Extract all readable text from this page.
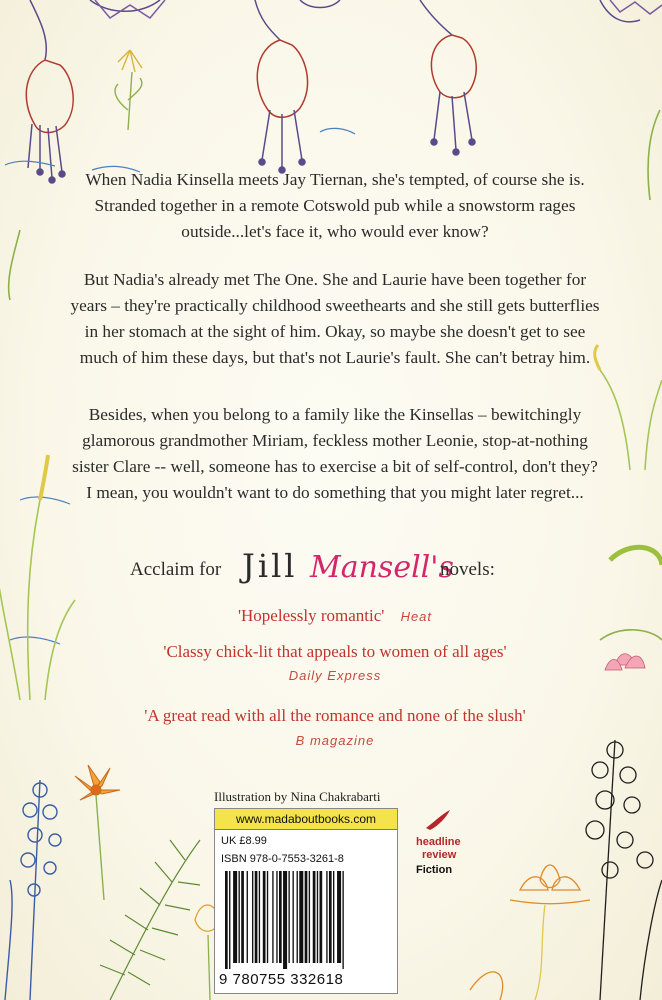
When Nadia Kinsella meets Jay Tiernan, she's tempted, of course she is. Stranded together in a remote Cotswold pub while a snowstorm rages outside...let's face it, who would ever know?

But Nadia's already met The One. She and Laurie have been together for years – they're practically childhood sweethearts and she still gets butterflies in her stomach at the sight of him. Okay, so maybe she doesn't get to see much of him these days, but that's not Laurie's fault. She can't betray him.

Besides, when you belong to a family like the Kinsellas – bewitchingly glamorous grandmother Miriam, feckless mother Leonie, stop-at-nothing sister Clare -- well, someone has to exercise a bit of self-control, don't they? I mean, you wouldn't want to do something that you might later regret...

Acclaim for Jill Mansell's
novels:
'Hopelessly romantic' Heat
'Classy chick-lit that appeals to women of all ages'
Daily Express
'A great read with all the romance and none of the slush'
B magazine
Illustration by Nina Chakrabarti
www.madaboutbooks.com
UK £8.99
ISBN 978-0-7553-3261-8
9 780755 332618
headline
review
Fiction
